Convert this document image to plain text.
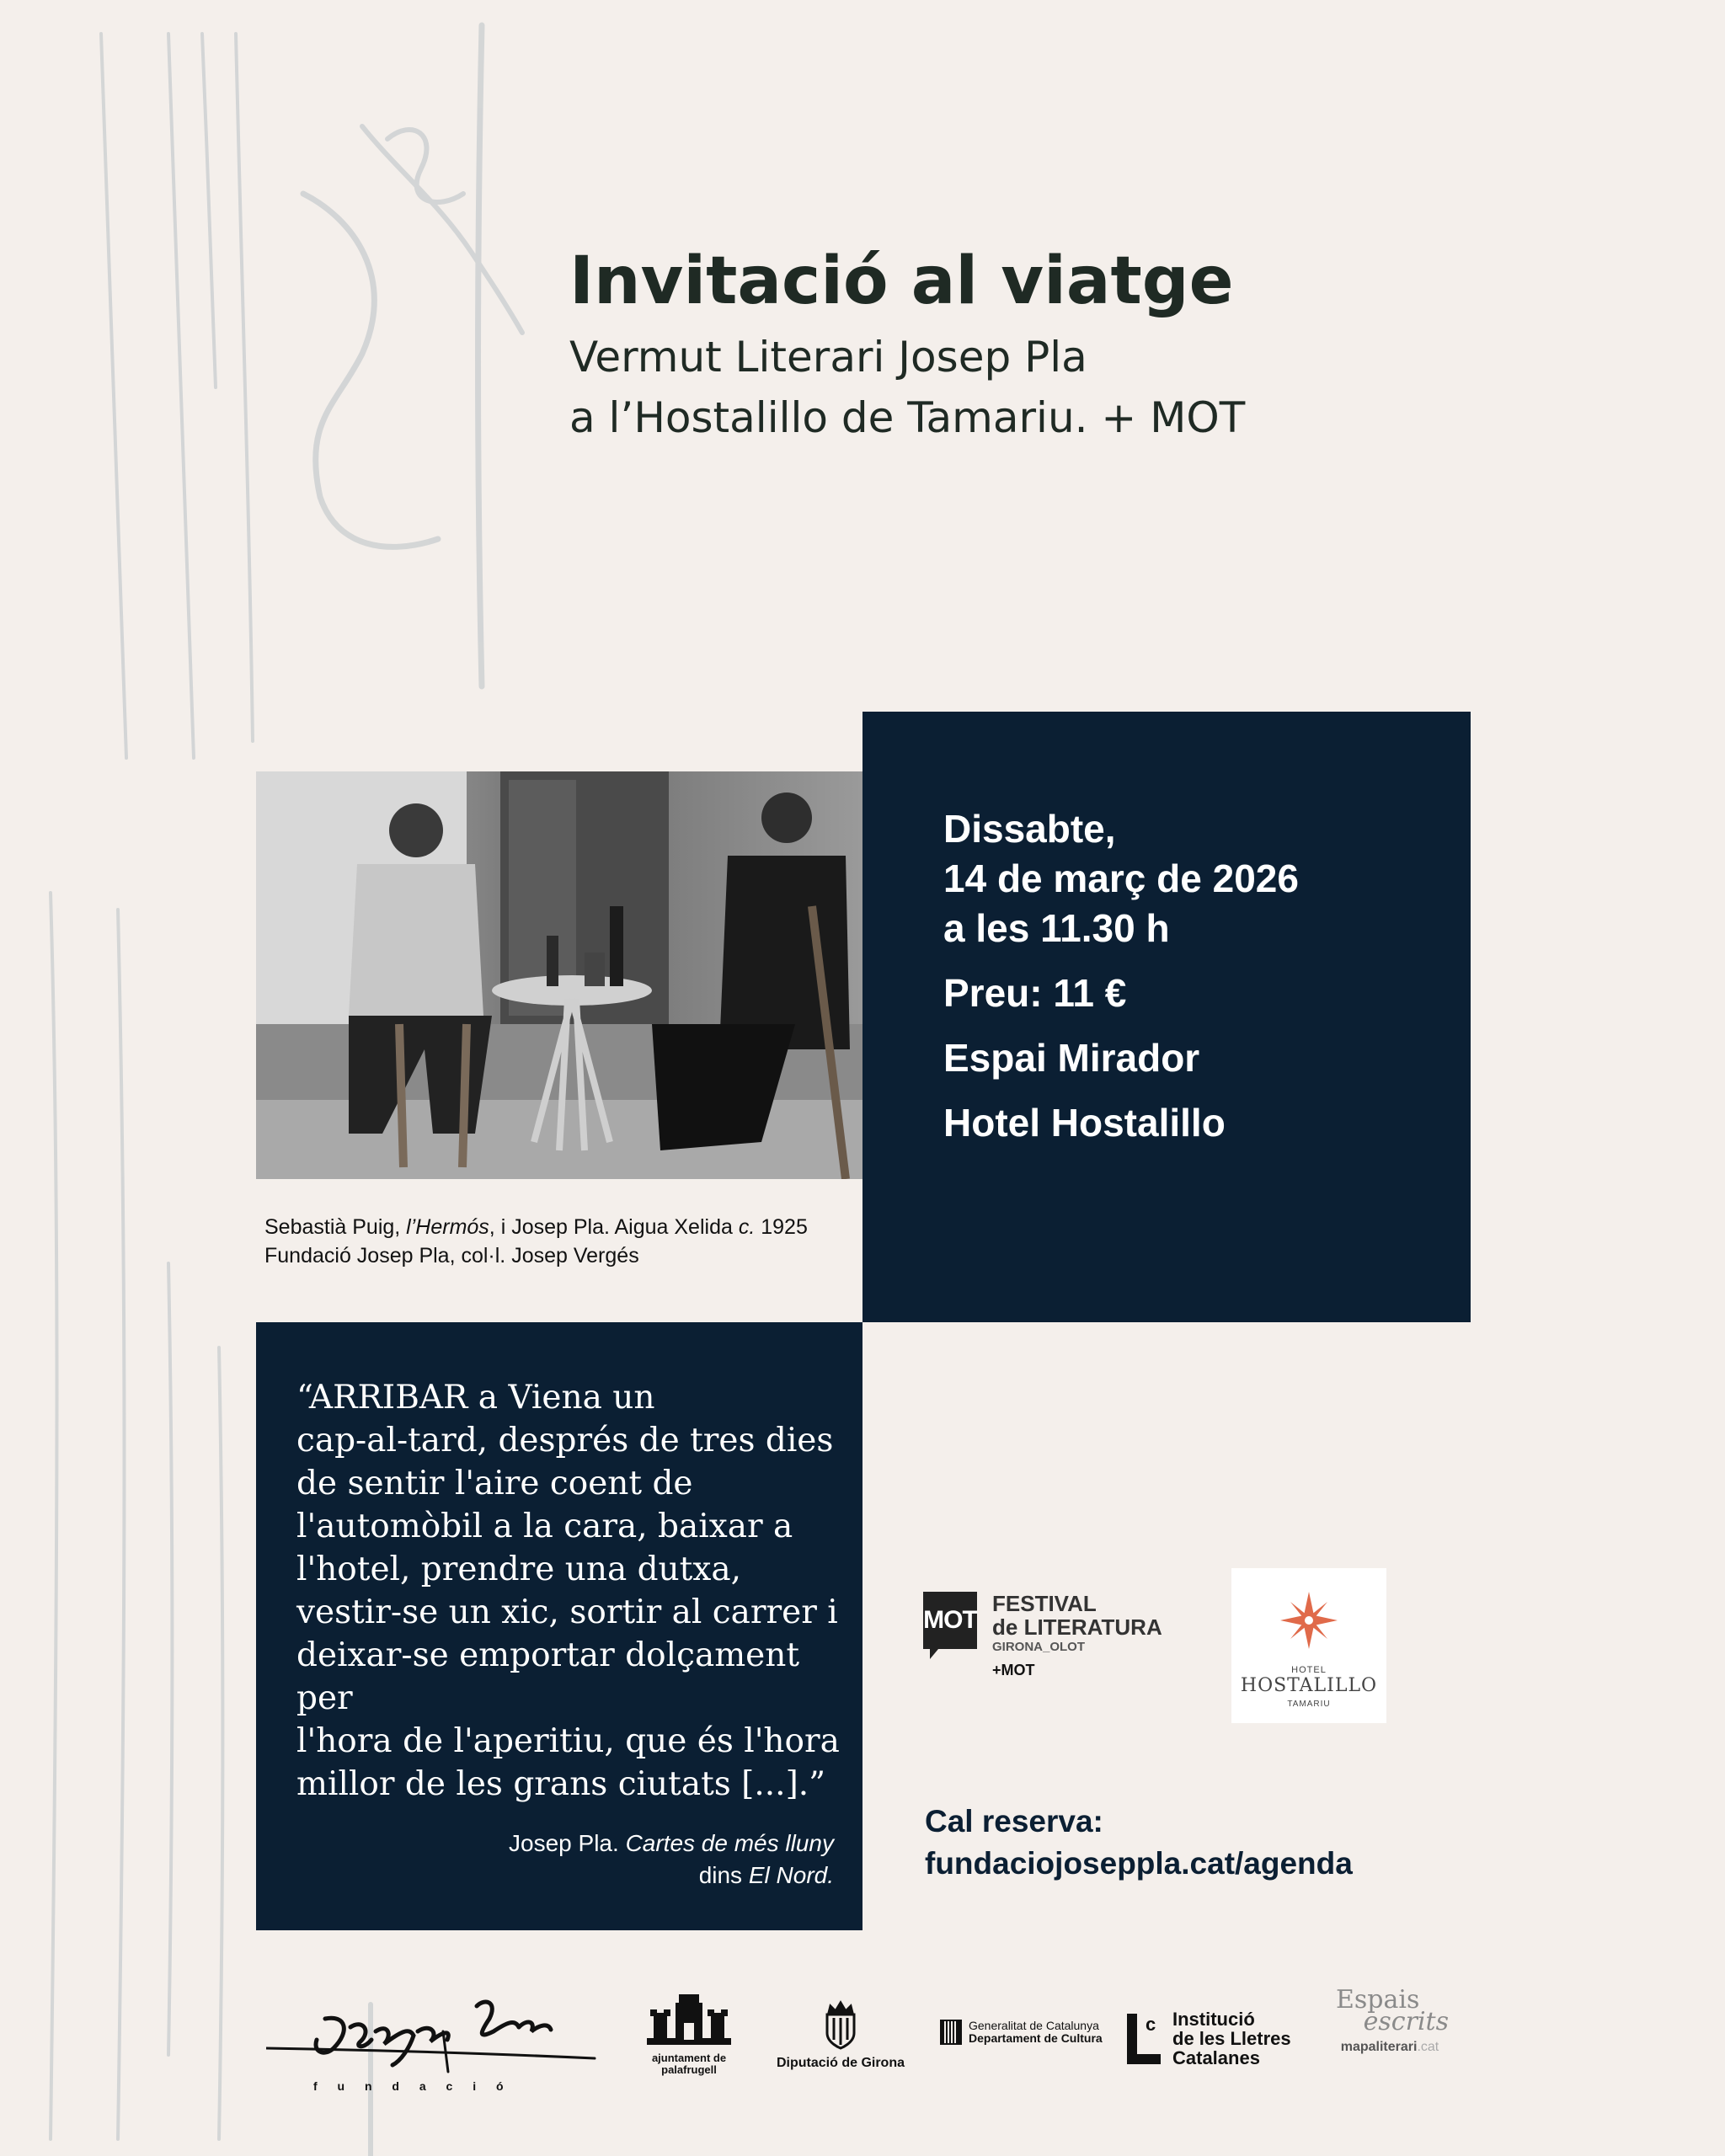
Invitació al viatge
Vermut Literari Josep Pla
a l’Hostalillo de Tamariu. + MOT
Sebastià Puig, l’Hermós, i Josep Pla. Aigua Xelida c. 1925
Fundació Josep Pla, col·l. Josep Vergés
Dissabte,
14 de març de 2026
a les 11.30 h
Preu: 11 €
Espai Mirador
Hotel Hostalillo
“ARRIBAR a Viena un
cap-al-tard, després de tres dies
de sentir l'aire coent de
l'automòbil a la cara, baixar a
l'hotel, prendre una dutxa,
vestir-se un xic, sortir al carrer i
deixar-se emportar dolçament per
l'hora de l'aperitiu, que és l'hora
millor de les grans ciutats [...].”
Josep Pla. Cartes de més lluny
dins El Nord.
MOT
FESTIVAL
de LITERATURA
GIRONA_OLOT
+MOT	HOTEL
HOSTALILLO
TAMARIU
Cal reserva:
fundaciojoseppla.cat/agenda
f u n d a c i ó
ajuntament de
palafrugell	Diputació de Girona
Generalitat de Catalunya
Departament de Cultura
c Institució
de les Lletres
Catalanes
Espais
escrits
mapaliterari.cat
